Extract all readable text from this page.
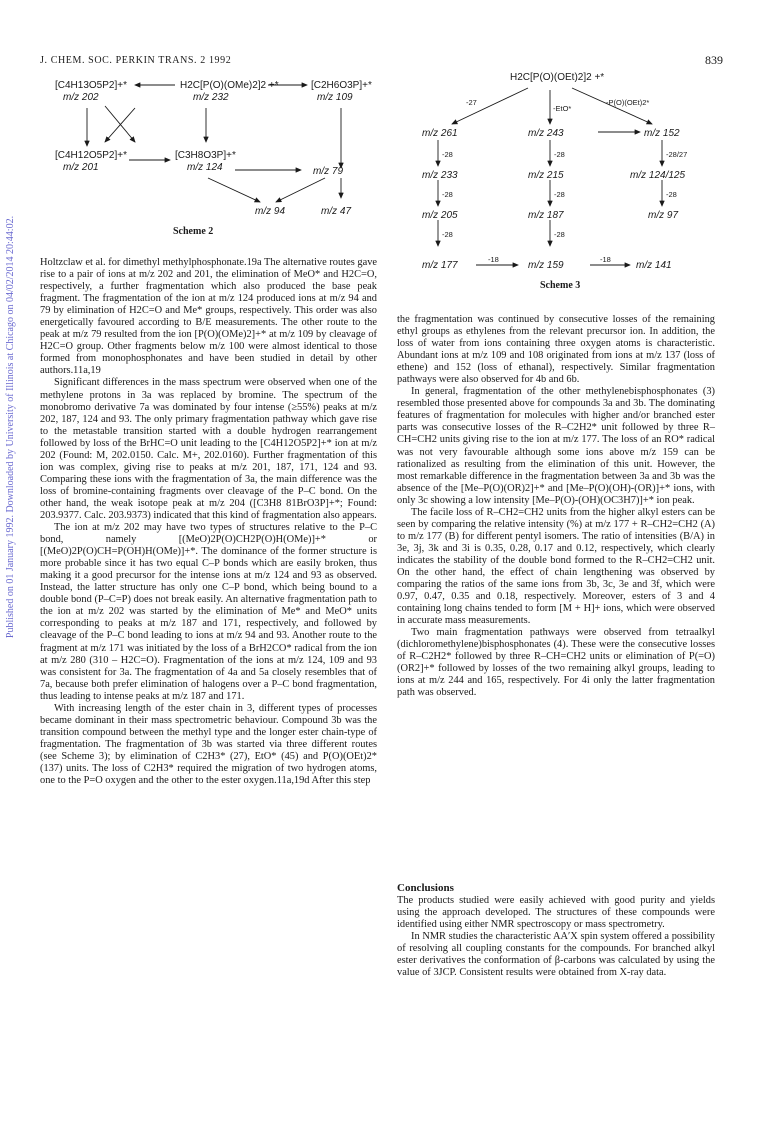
J. CHEM. SOC. PERKIN TRANS. 2 1992	839
Published on 01 January 1992. Downloaded by University of Illinois at Chicago on 04/02/2014 20:44:02.
[C4H13O5P2]+*
m/z 202
H2C[P(O)(OMe)2]2 +*
m/z 232
[C2H6O3P]+*
m/z 109
[C4H12O5P2]+*
m/z 201
[C3H8O3P]+*
m/z 124	m/z 79
m/z 94	m/z 47
Scheme 2
H2C[P(O)(OEt)2]2 +*
-27
-EtO*
-P(O)(OEt)2*
m/z 261	m/z 243	m/z 152
-28	-28	-28/27
m/z 233	m/z 215	m/z 124/125
-28	-28	-28
m/z 205	m/z 187	m/z 97
-28	-28
m/z 177
-18
m/z 159
-18
m/z 141
Scheme 3

Holtzclaw et al. for dimethyl methylphosphonate.19a The alternative routes gave rise to a pair of ions at m/z 202 and 201, the elimination of MeO* and H2C=O, respectively, a further fragmentation which also produced the base peak fragment. The fragmentation of the ion at m/z 124 produced ions at m/z 94 and 79 by elimination of H2C=O and Me* groups, respectively. This order was also energetically favoured according to B/E measurements. The other route to the peak at m/z 79 resulted from the ion [P(O)(OMe)2]+* at m/z 109 by cleavage of H2C=O group. Other fragments below m/z 100 were almost identical to those formed from monophosphonates and have been studied in detail by other authors.11a,19

Significant differences in the mass spectrum were observed when one of the methylene protons in 3a was replaced by bromine. The spectrum of the monobromo derivative 7a was dominated by four intense (≥55%) peaks at m/z 202, 187, 124 and 93. The only primary fragmentation pathway which gave rise to the metastable transition started with a double hydrogen rearrangement followed by loss of the BrHC=O unit leading to the [C4H12O5P2]+* ion at m/z 202 (Found: M, 202.0150. Calc. M+, 202.0160). Further fragmentation of this ion was complex, giving rise to peaks at m/z 201, 187, 171, 124 and 93. Comparing these ions with the fragmentation of 3a, the main difference was the loss of bromine-containing fragments over cleavage of the P–C bond. On the other hand, the weak isotope peak at m/z 204 ([C3H8 81BrO3P]+*; Found: 203.9377. Calc. 203.9373) indicated that this kind of fragmentation also appears.

The ion at m/z 202 may have two types of structures relative to the P–C bond, namely [(MeO)2P(O)CH2P(O)H(OMe)]+* or [(MeO)2P(O)CH=P(OH)H(OMe)]+*. The dominance of the former structure is more probable since it has two equal C–P bonds which are easily broken, thus making it a good precursor for the intense ions at m/z 124 and 93 as observed. Instead, the latter structure has only one C–P bond, which being bound to a double bond (P–C=P) does not break easily. An alternative fragmentation path to the ion at m/z 202 was started by the elimination of Me* and MeO* units corresponding to peaks at m/z 187 and 171, respectively, and followed by cleavage of the P–C bond leading to ions at m/z 94 and 93. Another route to the fragment at m/z 171 was initiated by the loss of a BrH2CO* radical from the ion at m/z 280 (310 – H2C=O). Fragmentation of the ions at m/z 124, 109 and 93 was consistent for 3a. The fragmentation of 4a and 5a closely resembles that of 7a, because both prefer elimination of halogens over a P–C bond fragmentation, thus leading to intense peaks at m/z 187 and 171.

With increasing length of the ester chain in 3, different types of processes became dominant in their mass spectrometric behaviour. Compound 3b was the transition compound between the methyl type and the longer ester chain-type of fragmentation. The fragmentation of 3b was started via three different routes (see Scheme 3); by elimination of C2H3* (27), EtO* (45) and P(O)(OEt)2* (137) units. The loss of C2H3* required the migration of two hydrogen atoms, one to the P=O oxygen and the other to the ester oxygen.11a,19d After this step

the fragmentation was continued by consecutive losses of the remaining ethyl groups as ethylenes from the relevant precursor ion. In addition, the loss of water from ions containing three oxygen atoms is characteristic. Abundant ions at m/z 109 and 108 originated from ions at m/z 137 (loss of ethene) and 152 (loss of ethanal), respectively. Similar fragmentation pathways were also observed for 4b and 6b.

In general, fragmentation of the other methylenebisphosphonates (3) resembled those presented above for compounds 3a and 3b. The dominating features of fragmentation for molecules with higher and/or branched ester parts was consecutive losses of the R–C2H2* unit followed by three R–CH=CH2 units giving rise to the ion at m/z 177. The loss of an RO* radical was not very favourable although some ions above m/z 159 can be rationalized as resulting from the elimination of this unit. However, the most remarkable difference in the fragmentation between 3a and 3b was the absence of the [Me–P(O)(OR)2]+* and [Me–P(O)(OH)-(OR)]+* ions, with only 3c showing a low intensity [Me–P(O)-(OH)(OC3H7)]+* ion peak.

The facile loss of R–CH2=CH2 units from the higher alkyl esters can be seen by comparing the relative intensity (%) at m/z 177 + R–CH2=CH2 (A) to m/z 177 (B) for different pentyl isomers. The ratio of intensities (B/A) in 3e, 3j, 3k and 3i is 0.35, 0.28, 0.17 and 0.12, respectively, which clearly indicates the stability of the double bond formed to the R–CH2=CH2 unit. On the other hand, the effect of chain lengthening was observed by comparing the ratios of the same ions from 3b, 3c, 3e and 3f, which were 0.97, 0.47, 0.35 and 0.18, respectively. Moreover, esters of 3 and 4 containing long chains tended to form [M + H]+ ions, which were observed in accurate mass measurements.

Two main fragmentation pathways were observed from tetraalkyl (dichloromethylene)bisphosphonates (4). These were the consecutive losses of R–C2H2* followed by three R–CH=CH2 units or elimination of P(=O)(OR2]+* followed by losses of the two remaining alkyl groups, leading to ions at m/z 244 and 165, respectively. For 4i only the latter fragmentation path was observed.

Conclusions

The products studied were easily achieved with good purity and yields using the approach developed. The structures of these compounds were identified using either NMR spectroscopy or mass spectrometry.

In NMR studies the characteristic AA′X spin system offered a possibility of resolving all coupling constants for the compounds. For branched alkyl ester derivatives the conformation of β-carbons was calculated by using the value of 3JCP. Consistent results were obtained from X-ray data.
